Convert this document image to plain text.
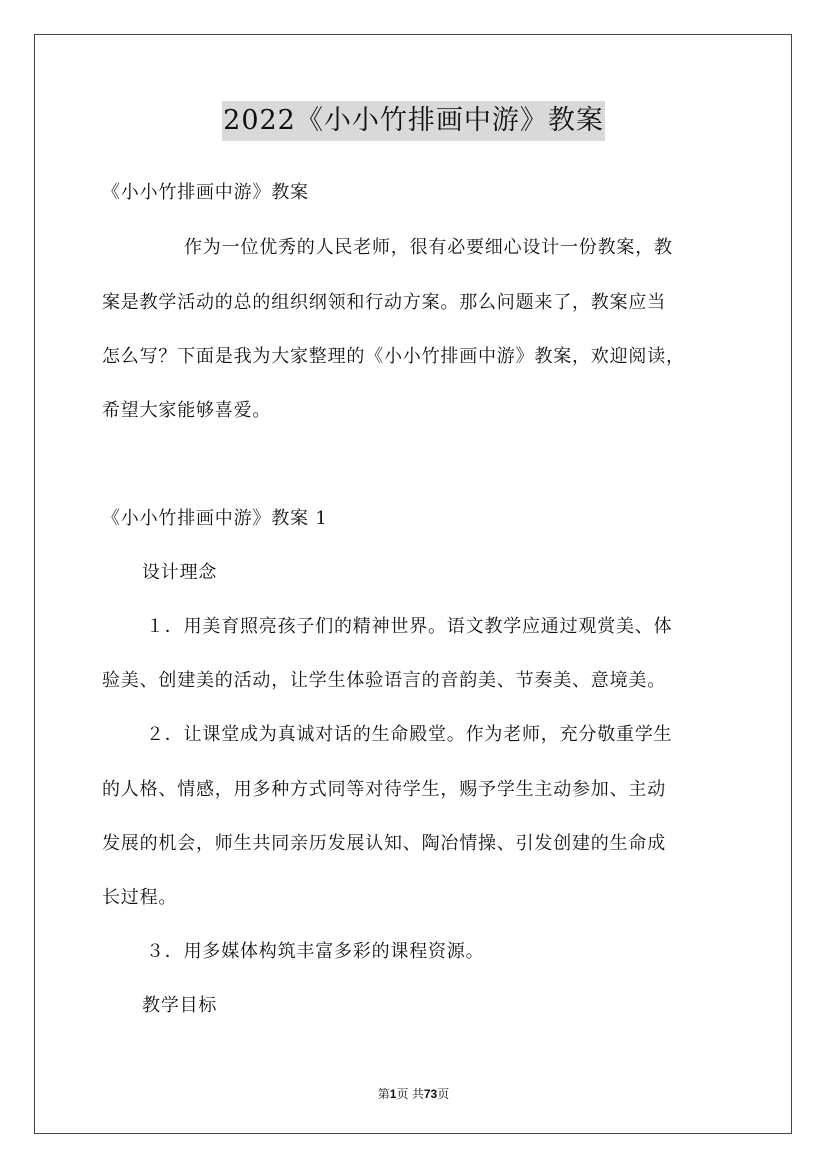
2022《小小竹排画中游》教案
《小小竹排画中游》教案
作为一位优秀的人民老师，很有必要细心设计一份教案，教
案是教学活动的总的组织纲领和行动方案。那么问题来了，教案应当
怎么写？下面是我为大家整理的《小小竹排画中游》教案，欢迎阅读，
希望大家能够喜爱。
《小小竹排画中游》教案 1
设计理念
１．用美育照亮孩子们的精神世界。语文教学应通过观赏美、体
验美、创建美的活动，让学生体验语言的音韵美、节奏美、意境美。
２．让课堂成为真诚对话的生命殿堂。作为老师，充分敬重学生
的人格、情感，用多种方式同等对待学生，赐予学生主动参加、主动
发展的机会，师生共同亲历发展认知、陶冶情操、引发创建的生命成
长过程。
３．用多媒体构筑丰富多彩的课程资源。
教学目标
第1页 共73页
